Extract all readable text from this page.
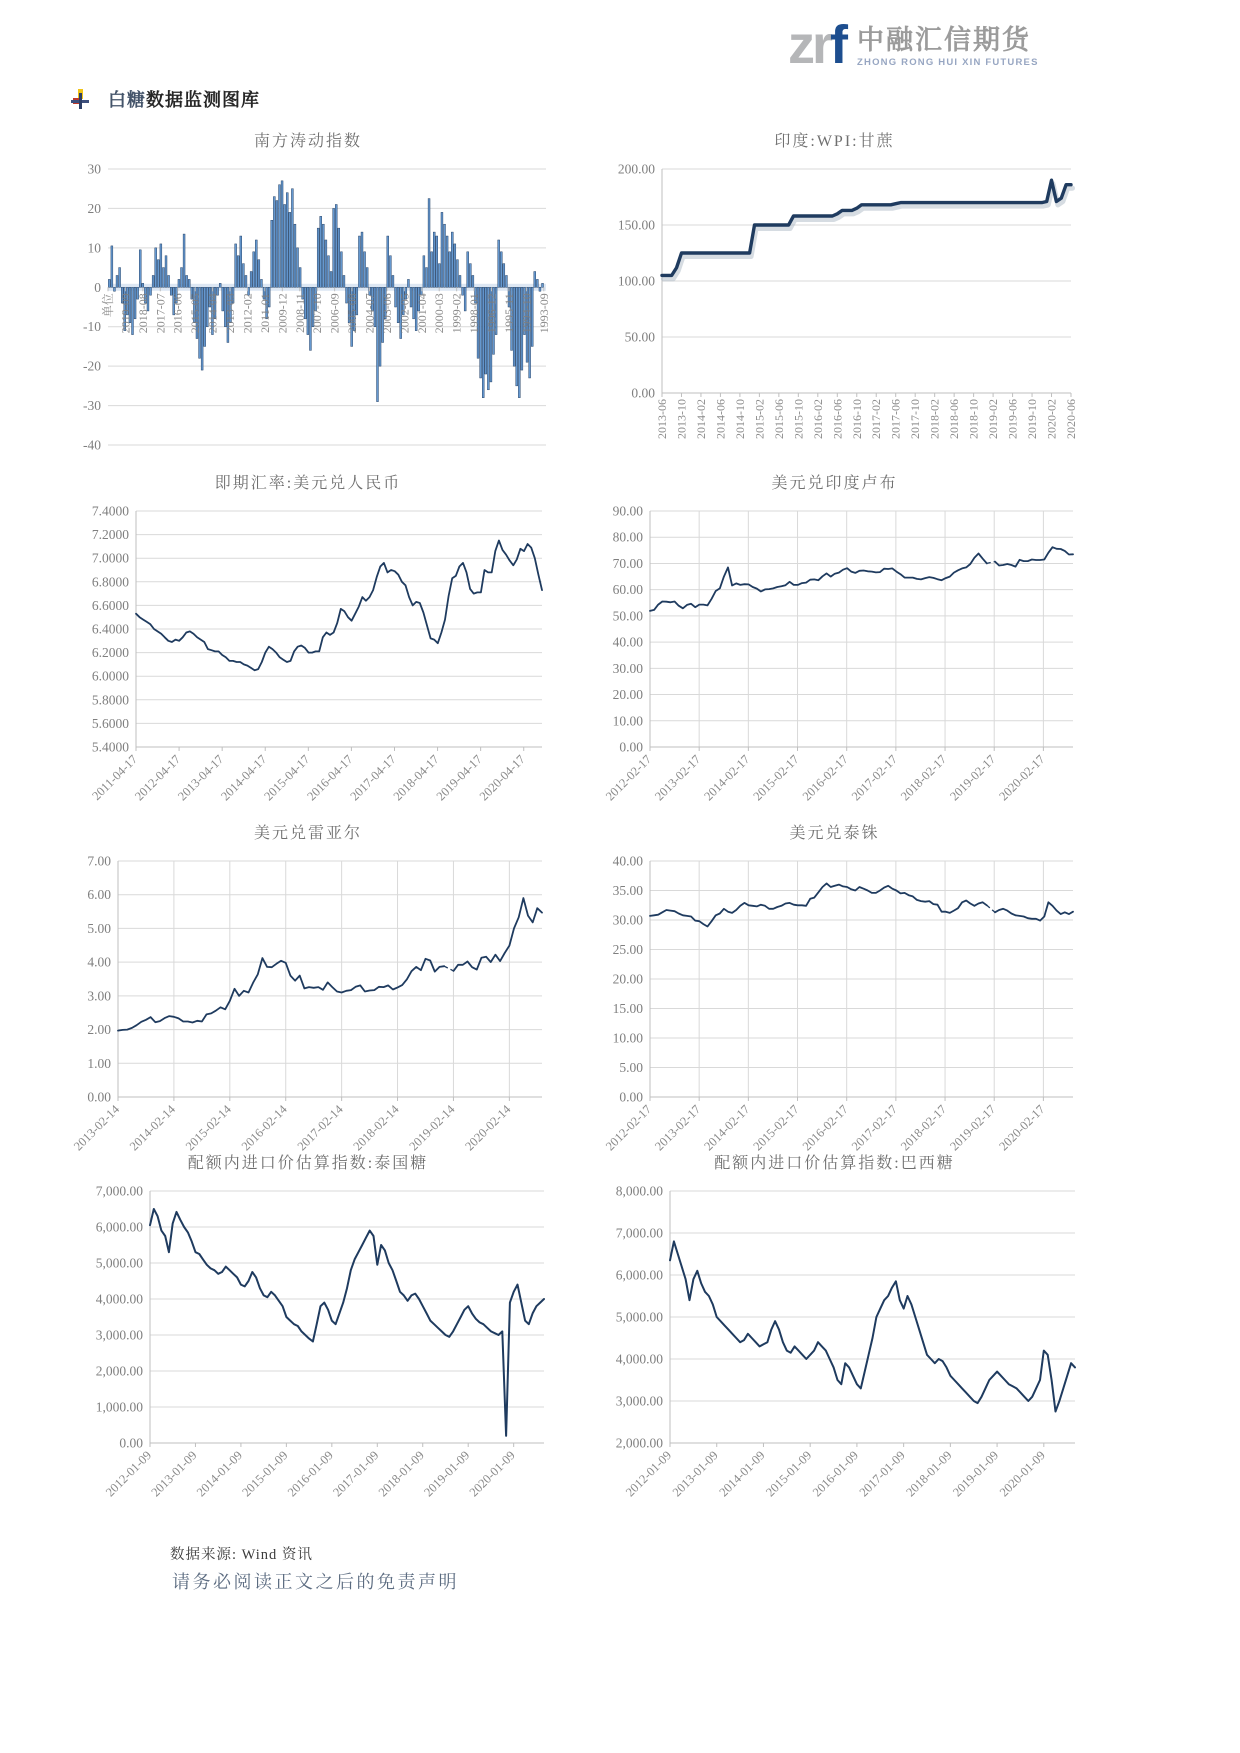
zrf 中融汇信期货
ZHONG RONG HUI XIN FUTURES
白糖数据监测图库
南方涛动指数
30
20
10
0
-10
-20
-30
-40
单位 2019-09 2018-08 2017-07 2016-06 2015-05 2014-04 2013-03 2012-02 2011-01 2009-12 2008-11 2007-10 2006-09 2005-08 2004-07 2003-06 2002-05 2001-04 2000-03 1999-02 1998-01 1996-12 1995-11 1994-10 1993-09
印度:WPI:甘蔗
200.00
150.00
100.00
50.00
0.00
2013-06 2013-10 2014-02 2014-06 2014-10 2015-02 2015-06 2015-10 2016-02 2016-06 2016-10 2017-02 2017-06 2017-10 2018-02 2018-06 2018-10 2019-02 2019-06 2019-10 2020-02 2020-06
即期汇率:美元兑人民币
7.4000
7.2000
7.0000
6.8000
6.6000
6.4000
6.2000
6.0000
5.8000
5.6000
5.4000
2011-04-17
2012-04-17
2013-04-17
2014-04-17
2015-04-17
2016-04-17
2017-04-17
2018-04-17
2019-04-17
2020-04-17
美元兑印度卢布
90.00
80.00
70.00
60.00
50.00
40.00
30.00
20.00
10.00
0.00
2012-02-17
2013-02-17
2014-02-17
2015-02-17
2016-02-17
2017-02-17
2018-02-17
2019-02-17
2020-02-17
美元兑雷亚尔
7.00
6.00
5.00
4.00
3.00
2.00
1.00
0.00
2013-02-14 2014-02-14 2015-02-14 2016-02-14 2017-02-14 2018-02-14 2019-02-14 2020-02-14
美元兑泰铢
40.00
35.00
30.00
25.00
20.00
15.00
10.00
5.00
0.00
2012-02-17
2013-02-17
2014-02-17
2015-02-17
2016-02-17
2017-02-17
2018-02-17
2019-02-17
2020-02-17
配额内进口价估算指数:泰国糖
7,000.00
6,000.00
5,000.00
4,000.00
3,000.00
2,000.00
1,000.00
0.00
2012-01-09
2013-01-09
2014-01-09
2015-01-09
2016-01-09
2017-01-09
2018-01-09
2019-01-09
2020-01-09
配额内进口价估算指数:巴西糖
8,000.00
7,000.00
6,000.00
5,000.00
4,000.00
3,000.00
2,000.00
2012-01-09
2013-01-09
2014-01-09
2015-01-09
2016-01-09
2017-01-09
2018-01-09
2019-01-09
2020-01-09
数据来源: Wind 资讯
请务必阅读正文之后的免责声明
